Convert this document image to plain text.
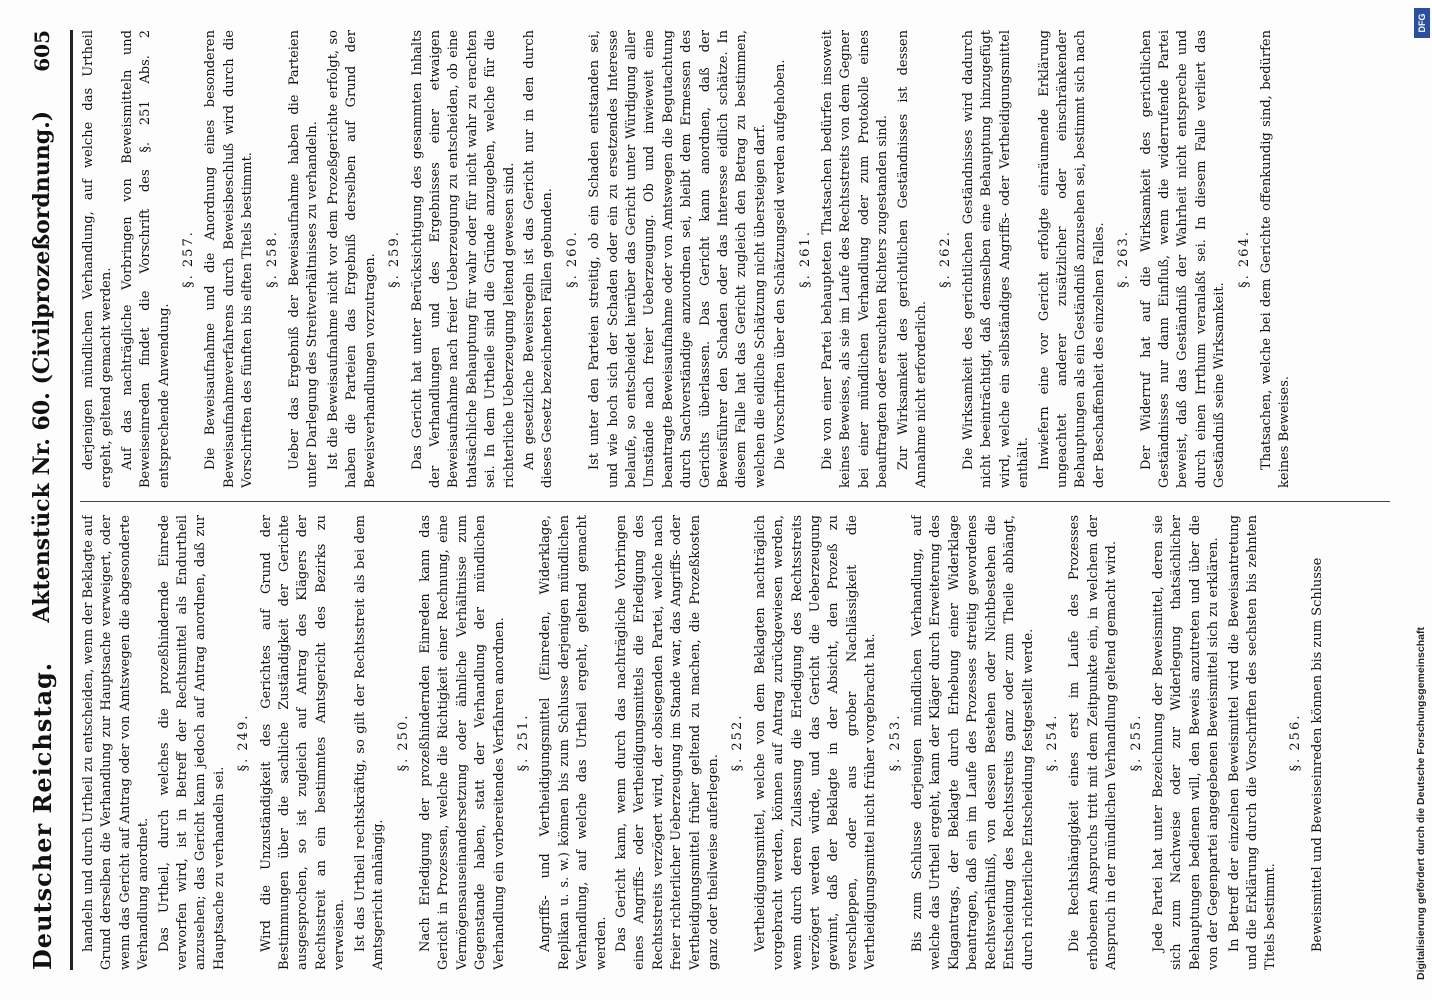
Deutscher Reichstag.
Aktenstück Nr. 60. (Civilprozeßordnung.)
605
handeln und durch Urtheil zu entscheiden, wenn der Beklagte auf Grund derselben die Verhandlung zur Hauptsache verweigert, oder wenn das Gericht auf Antrag oder von Amtswegen die abgesonderte Verhandlung anordnet. Das Urtheil, durch welches die prozeßhindernde Einrede verworfen wird, ist in Betreff der Rechtsmittel als Endurtheil anzusehen; das Gericht kann jedoch auf Antrag anordnen, daß zur Hauptsache zu verhandeln sei.
§. 249. Wird die Unzuständigkeit des Gerichtes auf Grund der Bestimmungen über die sachliche Zuständigkeit der Gerichte ausgesprochen, so ist zugleich auf Antrag des Klägers der Rechtsstreit an ein bestimmtes Amtsgericht des Bezirks zu verweisen. Ist das Urtheil rechtskräftig, so gilt der Rechtsstreit als bei dem Amtsgericht anhängig.
§. 250. Nach Erledigung der prozeßhindernden Einreden kann das Gericht in Prozessen, welche die Richtigkeit einer Rechnung, eine Vermögensauseinandersetzung oder ähnliche Verhältnisse zum Gegenstande haben, statt der Verhandlung der mündlichen Verhandlung ein vorbereitendes Verfahren anordnen. §. 251. Angriffs- und Vertheidigungsmittel (Einreden, Widerklage, Replikan u. s. w.) können bis zum Schlusse derjenigen mündlichen Verhandlung, auf welche das Urtheil ergeht, geltend gemacht werden. Das Gericht kann, wenn durch das nachträgliche Vorbringen eines Angriffs- oder Vertheidigungsmittels die Erledigung des Rechtsstreits verzögert wird, der obsiegenden Partei, welche nach freier richterlicher Ueberzeugung im Stande war, das Angriffs- oder Vertheidigungsmittel früher geltend zu machen, die Prozeßkosten ganz oder theilweise auferlegen.
§. 252. Vertheidigungsmittel, welche von dem Beklagten nachträglich vorgebracht werden, können auf Antrag zurückgewiesen werden, wenn durch deren Zulassung die Erledigung des Rechtsstreits verzögert werden würde, und das Gericht die Ueberzeugung gewinnt, daß der Beklagte in der Absicht, den Prozeß zu verschleppen, oder aus grober Nachlässigkeit die Vertheidigungsmittel nicht früher vorgebracht hat. §. 253. Bis zum Schlusse derjenigen mündlichen Verhandlung, auf welche das Urtheil ergeht, kann der Kläger durch Erweiterung des Klagantrags, der Beklagte durch Erhebung einer Widerklage beantragen, daß ein im Laufe des Prozesses streitig gewordenes Rechtsverhältniß, von dessen Bestehen oder Nichtbestehen die Entscheidung des Rechtsstreits ganz oder zum Theile abhängt, durch richterliche Entscheidung festgestellt werde. §. 254. Die Rechtshängigkeit eines erst im Laufe des Prozesses erhobenen Anspruchs tritt mit dem Zeitpunkte ein, in welchem der Anspruch in der mündlichen Verhandlung geltend gemacht wird. §. 255. Jede Partei hat unter Bezeichnung der Beweismittel, deren sie sich zum Nachweise oder zur Widerlegung thatsächlicher Behauptungen bedienen will, den Beweis anzutreten und über die von der Gegenpartei angegebenen Beweismittel sich zu erklären. In Betreff der einzelnen Beweismittel wird die Beweisantretung und die Erklärung durch die Vorschriften des sechsten bis zehnten Titels bestimmt.
§. 256. Beweismittel und Beweiseinreden können bis zum Schlusse
derjenigen mündlichen Verhandlung, auf welche das Urtheil ergeht, geltend gemacht werden. Auf das nachträgliche Vorbringen von Beweismitteln und Beweiseinreden findet die Vorschrift des §. 251 Abs. 2 entsprechende Anwendung.
§. 257. Die Beweisaufnahme und die Anordnung eines besonderen Beweisaufnahmeverfahrens durch Beweisbeschluß wird durch die Vorschriften des fünften bis elften Titels bestimmt. §. 258. Ueber das Ergebniß der Beweisaufnahme haben die Parteien unter Darlegung des Streitverhältnisses zu verhandeln. Ist die Beweisaufnahme nicht vor dem Prozeßgerichte erfolgt, so haben die Parteien das Ergebniß derselben auf Grund der Beweisverhandlungen vorzutragen. §. 259. Das Gericht hat unter Berücksichtigung des gesammten Inhalts der Verhandlungen und des Ergebnisses einer etwaigen Beweisaufnahme nach freier Ueberzeugung zu entscheiden, ob eine thatsächliche Behauptung für wahr oder für nicht wahr zu erachten sei. In dem Urtheile sind die Gründe anzugeben, welche für die richterliche Ueberzeugung leitend gewesen sind. An gesetzliche Beweisregeln ist das Gericht nur in den durch dieses Gesetz bezeichneten Fällen gebunden. §. 260. Ist unter den Parteien streitig, ob ein Schaden entstanden sei, und wie hoch sich der Schaden oder ein zu ersetzendes Interesse belaufe, so entscheidet hierüber das Gericht unter Würdigung aller Umstände nach freier Ueberzeugung. Ob und inwieweit eine beantragte Beweisaufnahme oder von Amtswegen die Begutachtung durch Sachverständige anzuordnen sei, bleibt dem Ermessen des Gerichts überlassen. Das Gericht kann anordnen, daß der Beweisführer den Schaden oder das Interesse eidlich schätze. In diesem Falle hat das Gericht zugleich den Betrag zu bestimmen, welchen die eidliche Schätzung nicht übersteigen darf. Die Vorschriften über den Schätzungseid werden aufgehoben. §. 261. Die von einer Partei behaupteten Thatsachen bedürfen insoweit keines Beweises, als sie im Laufe des Rechtsstreits von dem Gegner bei einer mündlichen Verhandlung oder zum Protokolle eines beauftragten oder ersuchten Richters zugestanden sind. Zur Wirksamkeit des gerichtlichen Geständnisses ist dessen Annahme nicht erforderlich.
§. 262. Die Wirksamkeit des gerichtlichen Geständnisses wird dadurch nicht beeinträchtigt, daß demselben eine Behauptung hinzugefügt wird, welche ein selbständiges Angriffs- oder Vertheidigungsmittel enthält. Inwiefern eine vor Gericht erfolgte einräumende Erklärung ungeachtet anderer zusätzlicher oder einschränkender Behauptungen als ein Geständniß anzusehen sei, bestimmt sich nach der Beschaffenheit des einzelnen Falles. §. 263. Der Widerruf hat auf die Wirksamkeit des gerichtlichen Geständnisses nur dann Einfluß, wenn die widerrufende Partei beweist, daß das Geständniß der Wahrheit nicht entspreche und durch einen Irrthum veranlaßt sei. In diesem Falle verliert das Geständniß seine Wirksamkeit.
§. 264. Thatsachen, welche bei dem Gerichte offenkundig sind, bedürfen keines Beweises.
DFG
Digitalisierung gefördert durch die Deutsche Forschungsgemeinschaft
